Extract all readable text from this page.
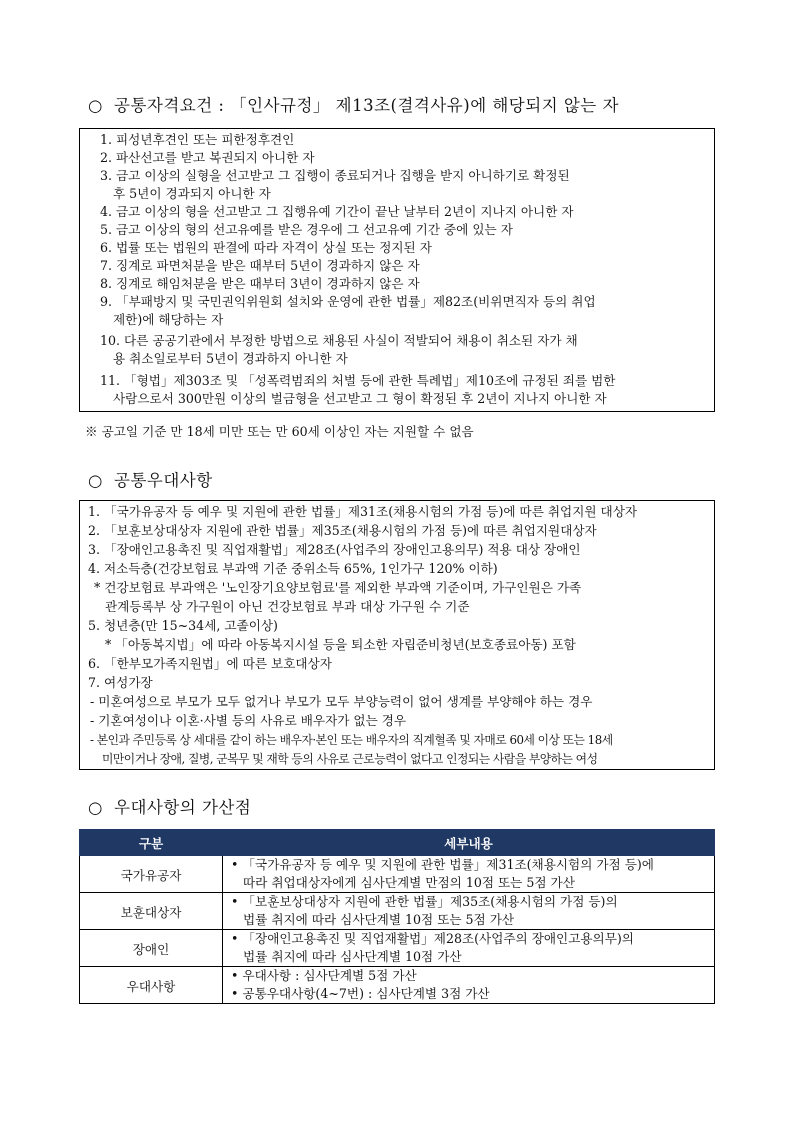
○ 공통자격요건 : 「인사규정」 제13조(결격사유)에 해당되지 않는 자
1. 피성년후견인 또는 피한정후견인
2. 파산선고를 받고 복권되지 아니한 자
3. 금고 이상의 실형을 선고받고 그 집행이 종료되거나 집행을 받지 아니하기로 확정된
후 5년이 경과되지 아니한 자
4. 금고 이상의 형을 선고받고 그 집행유예 기간이 끝난 날부터 2년이 지나지 아니한 자
5. 금고 이상의 형의 선고유예를 받은 경우에 그 선고유예 기간 중에 있는 자
6. 법률 또는 법원의 판결에 따라 자격이 상실 또는 정지된 자
7. 징계로 파면처분을 받은 때부터 5년이 경과하지 않은 자
8. 징계로 해임처분을 받은 때부터 3년이 경과하지 않은 자
9. 「부패방지 및 국민권익위원회 설치와 운영에 관한 법률」제82조(비위면직자 등의 취업
제한)에 해당하는 자
10. 다른 공공기관에서 부정한 방법으로 채용된 사실이 적발되어 채용이 취소된 자가 채
용 취소일로부터 5년이 경과하지 아니한 자
11. 「형법」제303조 및 「성폭력범죄의 처벌 등에 관한 특례법」제10조에 규정된 죄를 범한
사람으로서 300만원 이상의 벌금형을 선고받고 그 형이 확정된 후 2년이 지나지 아니한 자
※ 공고일 기준 만 18세 미만 또는 만 60세 이상인 자는 지원할 수 없음
○ 공통우대사항
1. 「국가유공자 등 예우 및 지원에 관한 법률」제31조(채용시험의 가점 등)에 따른 취업지원 대상자
2. 「보훈보상대상자 지원에 관한 법률」제35조(채용시험의 가점 등)에 따른 취업지원대상자
3. 「장애인고용촉진 및 직업재활법」제28조(사업주의 장애인고용의무) 적용 대상 장애인
4. 저소득층(건강보험료 부과액 기준 중위소득 65%, 1인가구 120% 이하)
* 건강보험료 부과액은 '노인장기요양보험료'를 제외한 부과액 기준이며, 가구인원은 가족
관계등록부 상 가구원이 아닌 건강보험료 부과 대상 가구원 수 기준
5. 청년층(만 15~34세, 고졸이상)
* 「아동복지법」에 따라 아동복지시설 등을 퇴소한 자립준비청년(보호종료아동) 포함
6. 「한부모가족지원법」에 따른 보호대상자
7. 여성가장
- 미혼여성으로 부모가 모두 없거나 부모가 모두 부양능력이 없어 생계를 부양해야 하는 경우
- 기혼여성이나 이혼·사별 등의 사유로 배우자가 없는 경우
- 본인과 주민등록 상 세대를 같이 하는 배우자·본인 또는 배우자의 직계혈족 및 자매로 60세 이상 또는 18세
미만이거나 장애, 질병, 군복무 및 재학 등의 사유로 근로능력이 없다고 인정되는 사람을 부양하는 여성
○ 우대사항의 가산점
구분	세부내용
국가유공자	• 「국가유공자 등 예우 및 지원에 관한 법률」제31조(채용시험의 가점 등)에
따라 취업대상자에게 심사단계별 만점의 10점 또는 5점 가산

보훈대상자	• 「보훈보상대상자 지원에 관한 법률」제35조(채용시험의 가점 등)의
법률 취지에 따라 심사단계별 10점 또는 5점 가산

장애인	• 「장애인고용촉진 및 직업재활법」제28조(사업주의 장애인고용의무)의
법률 취지에 따라 심사단계별 10점 가산

우대사항	• 우대사항 : 심사단계별 5점 가산
• 공통우대사항(4~7번) : 심사단계별 3점 가산
